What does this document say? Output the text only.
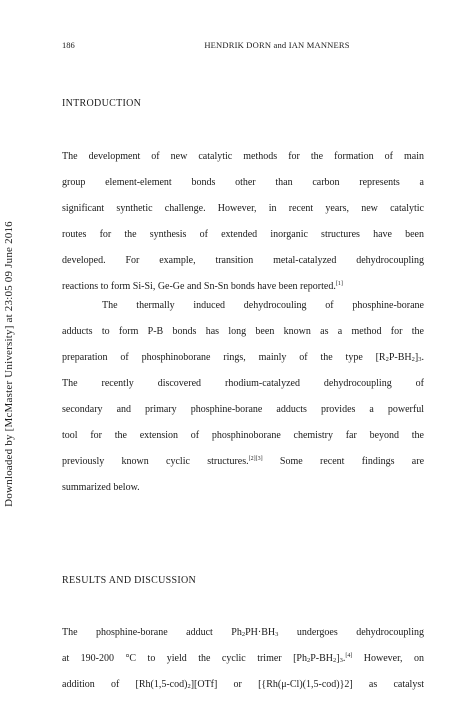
186	HENDRIK DORN and IAN MANNERS
Downloaded by [McMaster University] at 23:05 09 June 2016
INTRODUCTION
The development of new catalytic methods for the formation of main
group element-element bonds other than carbon represents a
significant synthetic challenge. However, in recent years, new catalytic
routes for the synthesis of extended inorganic structures have been
developed. For example, transition metal-catalyzed dehydrocoupling
reactions to form Si-Si, Ge-Ge and Sn-Sn bonds have been reported.[1]
The thermally induced dehydrocouling of phosphine-borane
adducts to form P-B bonds has long been known as a method for the
preparation of phosphinoborane rings, mainly of the type $[R_2P-BH_2]_3$.
The recently discovered rhodium-catalyzed dehydrocoupling of
secondary and primary phosphine-borane adducts provides a powerful
tool for the extension of phosphinoborane chemistry far beyond the
previously known cyclic structures.[2][3] Some recent findings are
summarized below.
RESULTS AND DISCUSSION
The phosphine-borane adduct $Ph_2PH\cdot BH_3$ undergoes dehydrocoupling
at 190-200 °C to yield the cyclic trimer $[Ph_2P-BH_2]_3.[4]$ However, on
addition of $[Rh(1,5-cod)_2][OTf]$ or [{Rh(μ-Cl)(1,5-cod)}2] as catalyst
